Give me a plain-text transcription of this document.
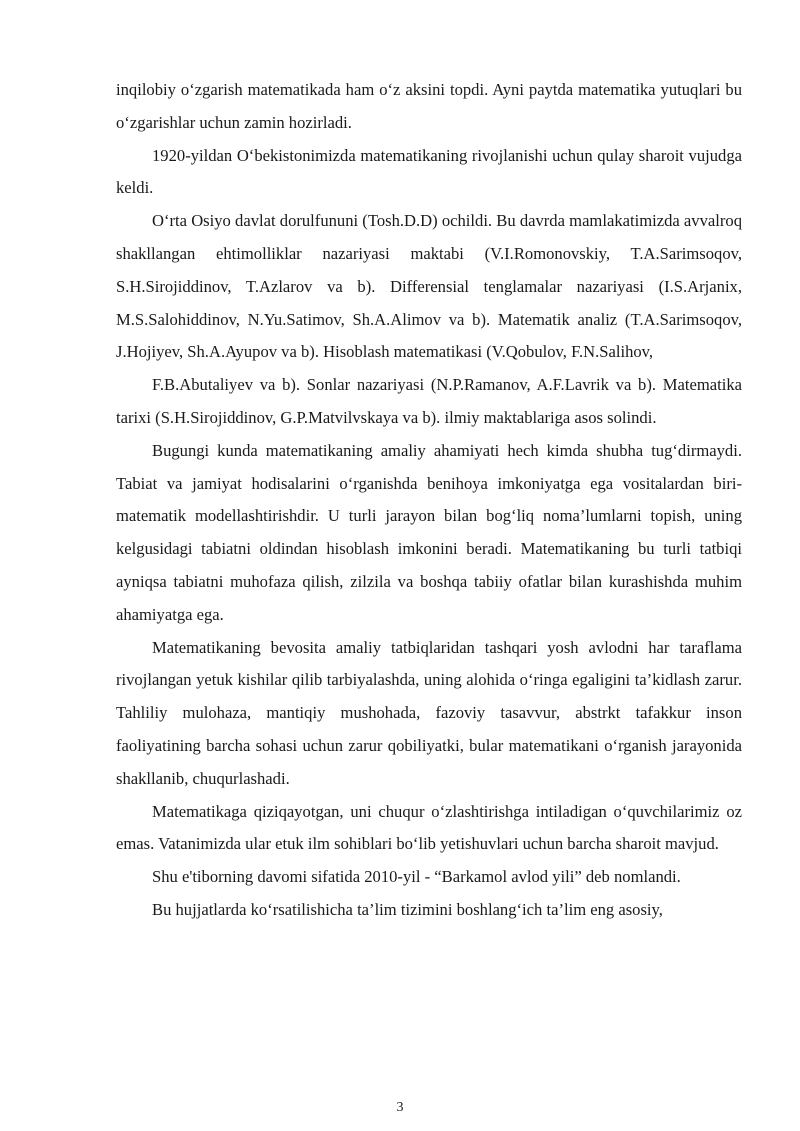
inqilobiy o‘zgarish matematikada ham o‘z aksini topdi. Ayni paytda matematika yutuqlari bu o‘zgarishlar uchun zamin hozirladi.

1920-yildan O‘bekistonimizda matematikaning rivojlanishi uchun qulay sharoit vujudga keldi.

O‘rta Osiyo davlat dorulfununi (Tosh.D.D) ochildi. Bu davrda mamlakatimizda avvalroq shakllangan ehtimolliklar nazariyasi maktabi (V.I.Romonovskiy, T.A.Sarimsoqov, S.H.Sirojiddinov, T.Azlarov va b). Differensial tenglamalar nazariyasi (I.S.Arjanix, M.S.Salohiddinov, N.Yu.Satimov, Sh.A.Alimov va b). Matematik analiz (T.A.Sarimsoqov, J.Hojiyev, Sh.A.Ayupov va b). Hisoblash matematikasi (V.Qobulov, F.N.Salihov,

F.B.Abutaliyev va b). Sonlar nazariyasi (N.P.Ramanov, A.F.Lavrik va b). Matematika tarixi (S.H.Sirojiddinov, G.P.Matvilvskaya va b). ilmiy maktablariga asos solindi.

Bugungi kunda matematikaning amaliy ahamiyati hech kimda shubha tug‘dirmaydi. Tabiat va jamiyat hodisalarini o‘rganishda benihoya imkoniyatga ega vositalardan biri- matematik modellashtirishdir. U turli jarayon bilan bog‘liq noma’lumlarni topish, uning kelgusidagi tabiatni oldindan hisoblash imkonini beradi. Matematikaning bu turli tatbiqi ayniqsa tabiatni muhofaza qilish, zilzila va boshqa tabiiy ofatlar bilan kurashishda muhim ahamiyatga ega.

Matematikaning bevosita amaliy tatbiqlaridan tashqari yosh avlodni har taraflama rivojlangan yetuk kishilar qilib tarbiyalashda, uning alohida o‘ringa egaligini ta’kidlash zarur. Tahliliy mulohaza, mantiqiy mushohada, fazoviy tasavvur, abstrkt tafakkur inson faoliyatining barcha sohasi uchun zarur qobiliyatki, bular matematikani o‘rganish jarayonida shakllanib, chuqurlashadi.

Matematikaga qiziqayotgan, uni chuqur o‘zlashtirishga intiladigan o‘quvchilarimiz oz emas. Vatanimizda ular etuk ilm sohiblari bo‘lib yetishuvlari uchun barcha sharoit mavjud.

Shu e'tiborning davomi sifatida 2010-yil - “Barkamol avlod yili” deb nomlandi.

Bu hujjatlarda ko‘rsatilishicha ta’lim tizimini boshlang‘ich ta’lim eng asosiy,

3
